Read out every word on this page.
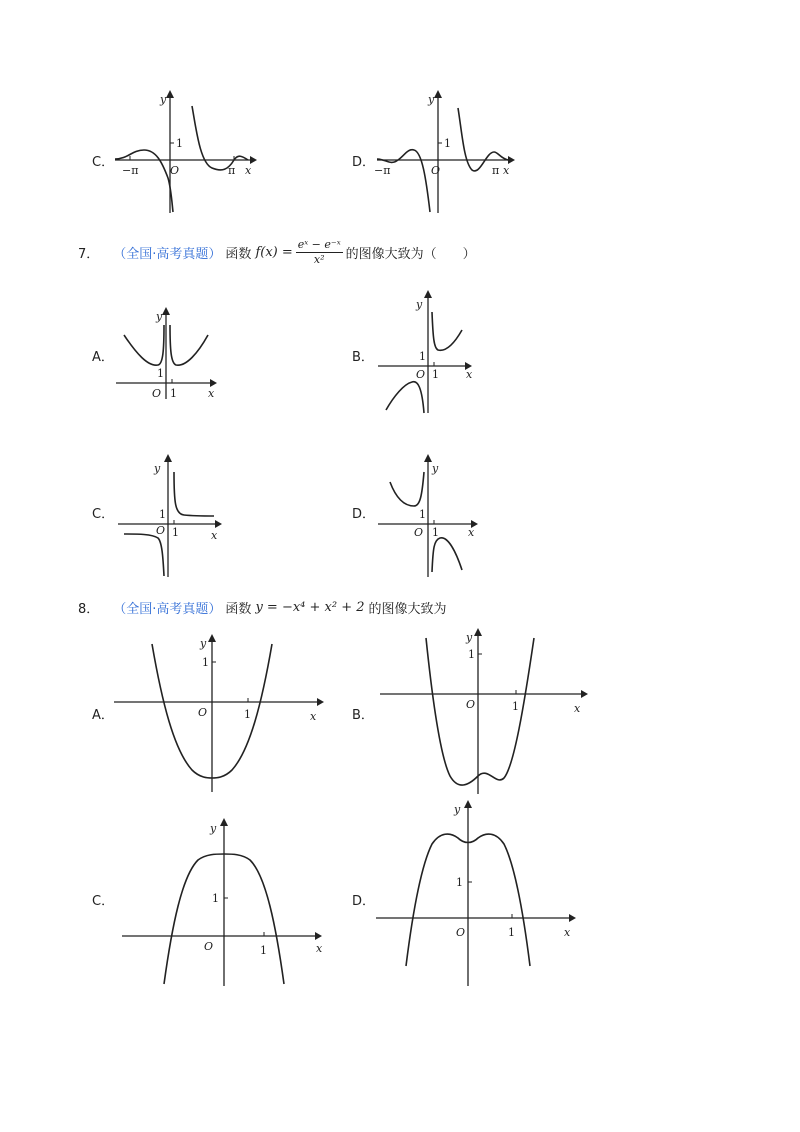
C．
y
x
O
1
−π	π
D．
y
x
O
1
−π	π
7． （全国·高考真题） 函数 $f(x) = \frac{\text{eˣ − e⁻ˣ}}{\text{x²}}$ 的图像大致为（　　）
A．
y
x
O
1
1
B．
y
x
O
1
1
C．
y
x
O
1
1
D．
y
x
O
1
1
8． （全国·高考真题） 函数 y = −x⁴ + x² + 2 的图像大致为
A．
y
x
O
1
1	B．
y
x
O
1
1
C．
y
x
O
1
1
D．
y
x
O
1
1
